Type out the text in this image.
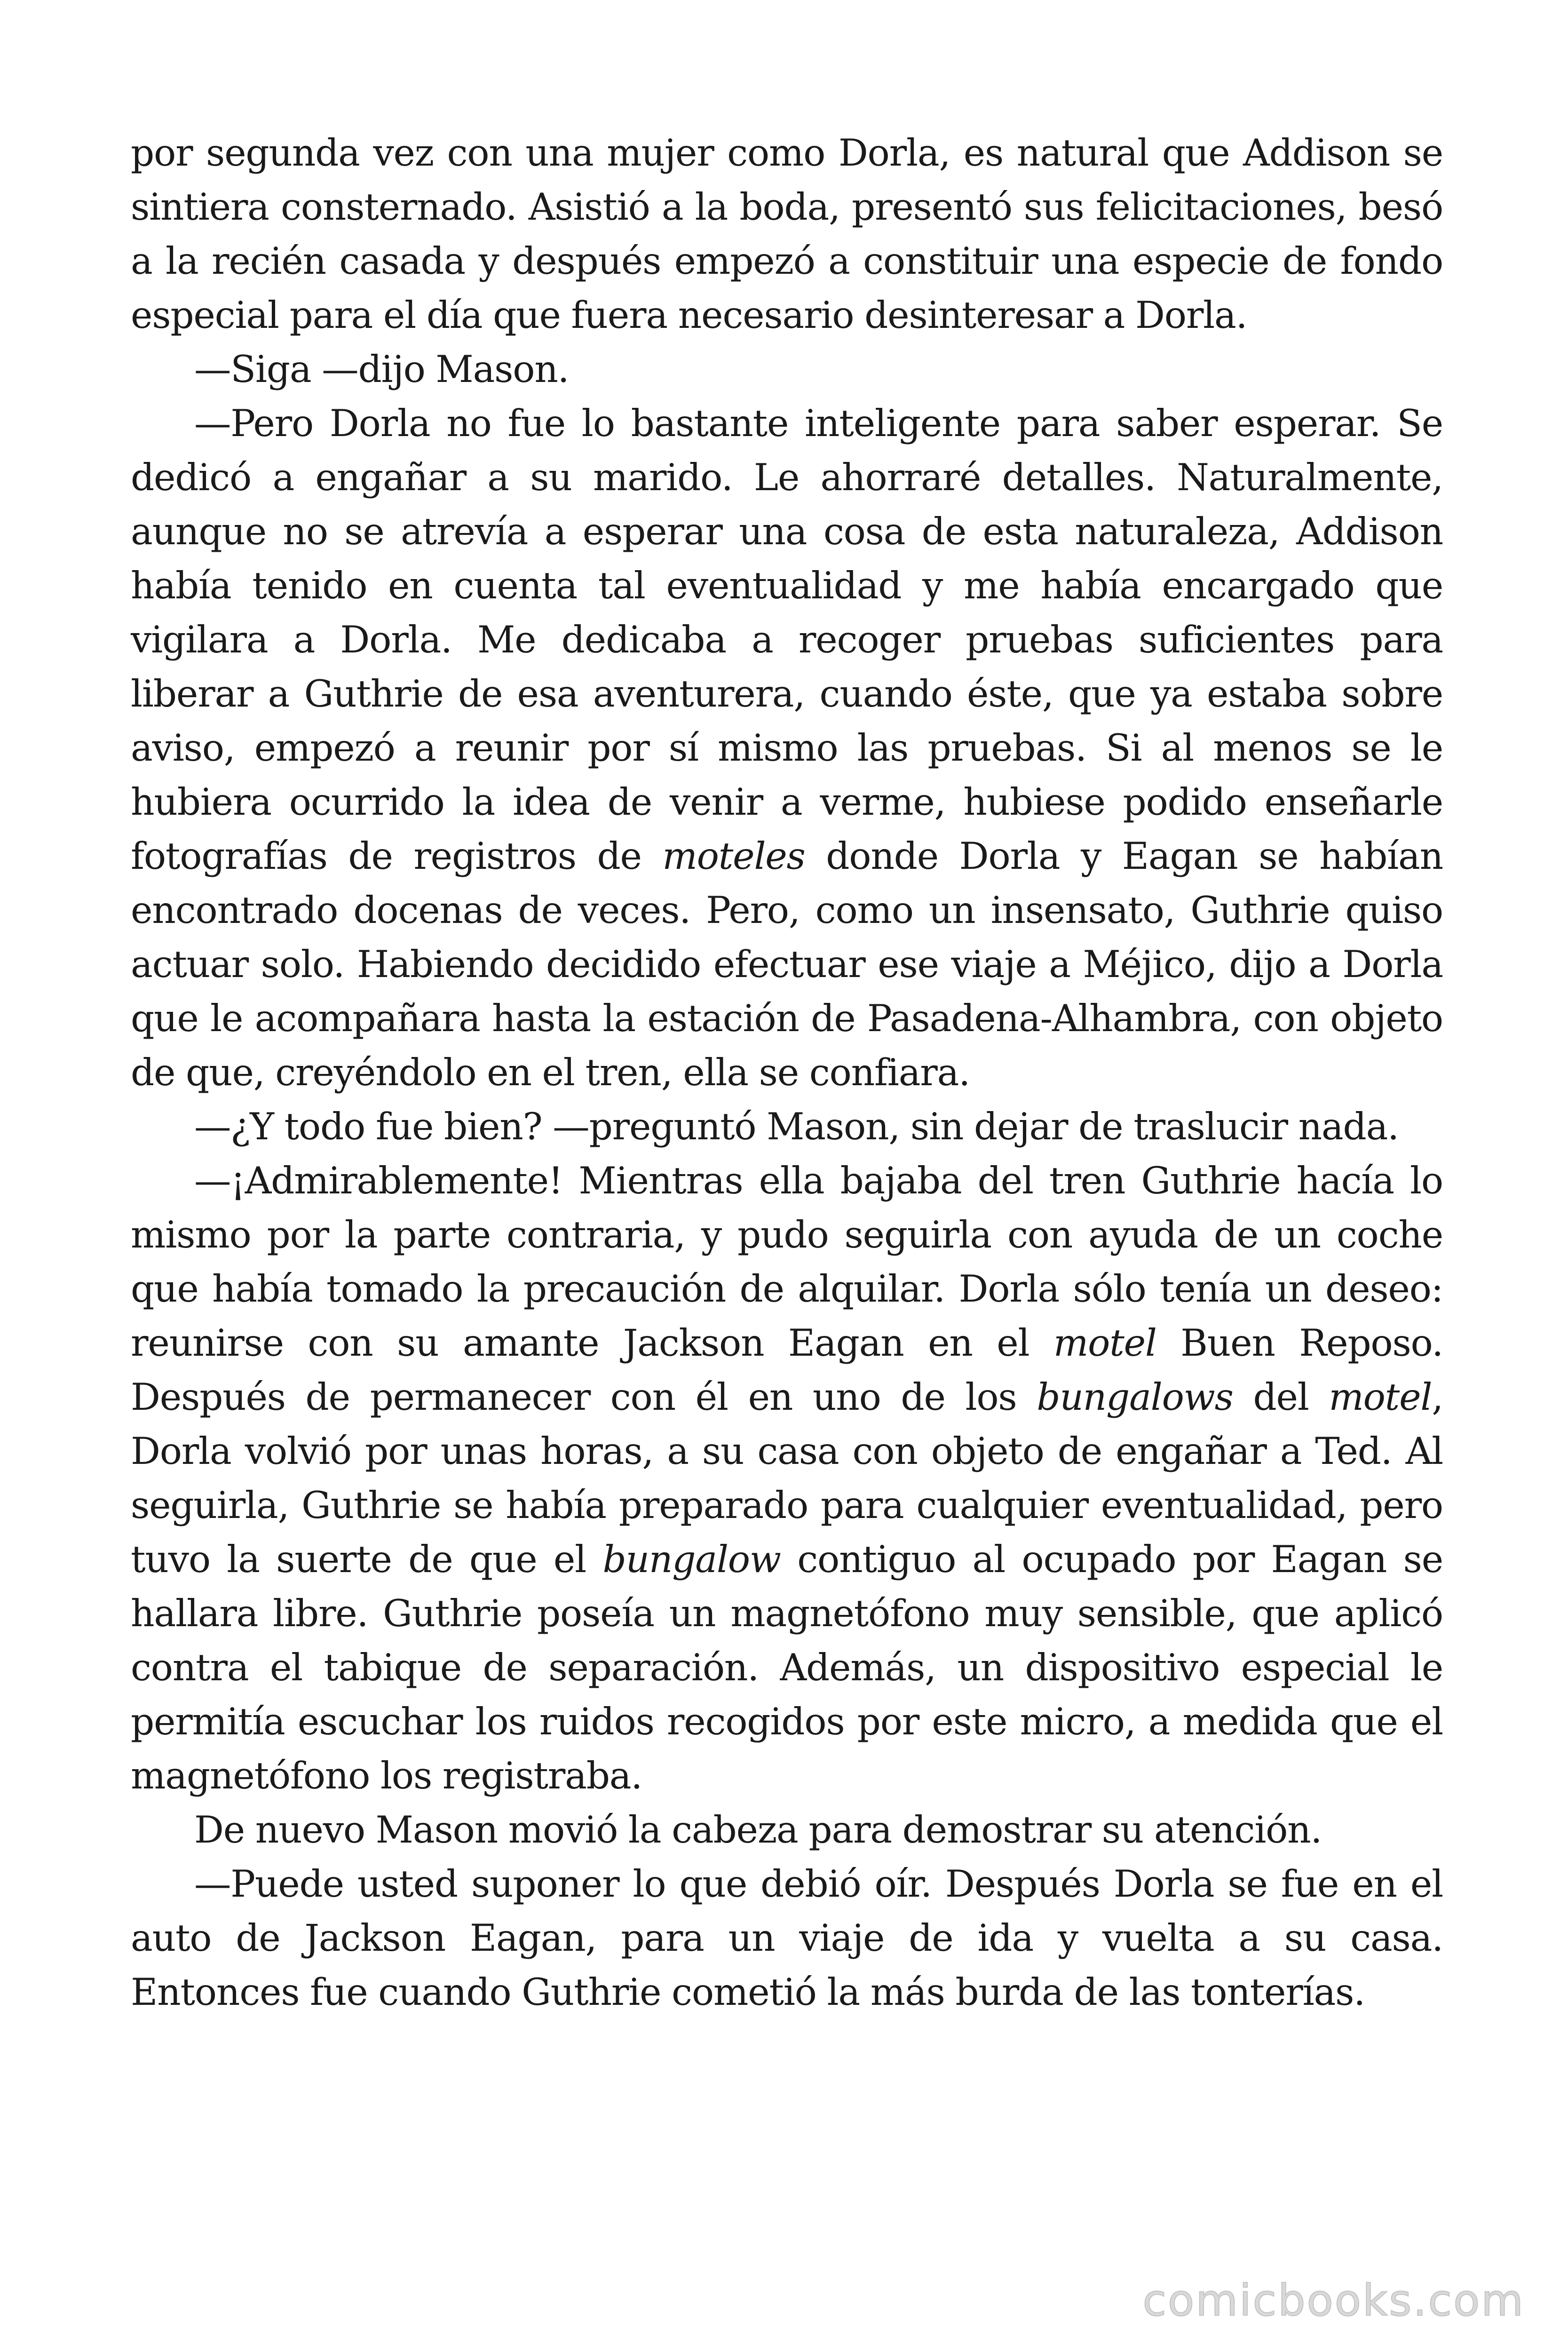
por segunda vez con una mujer como Dorla, es natural que Addison se sintiera consternado. Asistió a la boda, presentó sus felicitaciones, besó a la recién casada y después empezó a constituir una especie de fondo especial para el día que fuera necesario desinteresar a Dorla.

—Siga —dijo Mason.

—Pero Dorla no fue lo bastante inteligente para saber esperar. Se dedicó a engañar a su marido. Le ahorraré detalles. Naturalmente, aunque no se atrevía a esperar una cosa de esta naturaleza, Addison había tenido en cuenta tal eventualidad y me había encargado que vigilara a Dorla. Me dedicaba a recoger pruebas suficientes para liberar a Guthrie de esa aventurera, cuando éste, que ya estaba sobre aviso, empezó a reunir por sí mismo las pruebas. Si al menos se le hubiera ocurrido la idea de venir a verme, hubiese podido enseñarle fotografías de registros de moteles donde Dorla y Eagan se habían encontrado docenas de veces. Pero, como un insensato, Guthrie quiso actuar solo. Habiendo decidido efectuar ese viaje a Méjico, dijo a Dorla que le acompañara hasta la estación de Pasadena-Alhambra, con objeto de que, creyéndolo en el tren, ella se confiara.

—¿Y todo fue bien? —preguntó Mason, sin dejar de traslucir nada.

—¡Admirablemente! Mientras ella bajaba del tren Guthrie hacía lo mismo por la parte contraria, y pudo seguirla con ayuda de un coche que había tomado la precaución de alquilar. Dorla sólo tenía un deseo: reunirse con su amante Jackson Eagan en el motel Buen Reposo. Después de permanecer con él en uno de los bungalows del motel, Dorla volvió por unas horas, a su casa con objeto de engañar a Ted. Al seguirla, Guthrie se había preparado para cualquier eventualidad, pero tuvo la suerte de que el bungalow contiguo al ocupado por Eagan se hallara libre. Guthrie poseía un magnetófono muy sensible, que aplicó contra el tabique de separación. Además, un dispositivo especial le permitía escuchar los ruidos recogidos por este micro, a medida que el magnetófono los registraba.

De nuevo Mason movió la cabeza para demostrar su atención.

—Puede usted suponer lo que debió oír. Después Dorla se fue en el auto de Jackson Eagan, para un viaje de ida y vuelta a su casa. Entonces fue cuando Guthrie cometió la más burda de las tonterías.

comicbooks.com
